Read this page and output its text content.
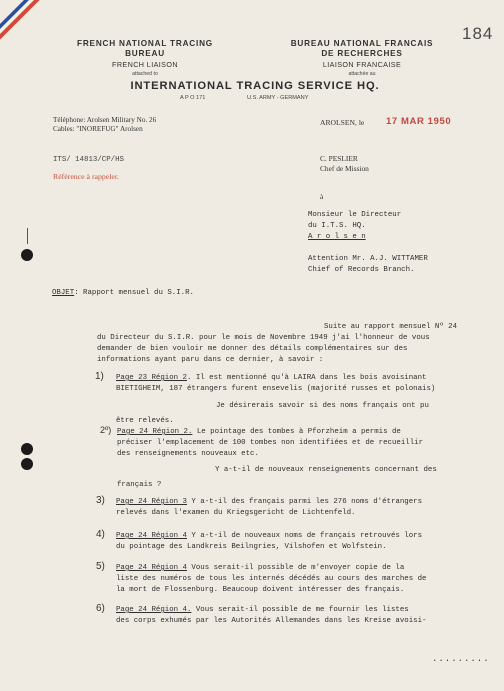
184

FRENCH NATIONAL TRACING

BUREAU

FRENCH LIAISON

attached to

BUREAU NATIONAL FRANCAIS

DE RECHERCHES

LIAISON FRANCAISE

attachée au

INTERNATIONAL TRACING SERVICE HQ.

A P O 171	U.S. ARMY - GERMANY

Téléphone: Arolsen Military No. 26

Cables: "INOREFUG" Arolsen

AROLSEN, le 17 MAR 1950

ITS/ 14813/CP/HS

Référence à rappeler.

C. PESLIER

Chef de Mission

à

Monsieur le Directeur

du I.T.S. HQ.

A r o l s e n

Attention Mr. A.J. WITTAMER

Chief of Records Branch.

OBJET: Rapport mensuel du S.I.R.

Suite au rapport mensuel Nº 24

du Directeur du S.I.R. pour le mois de Novembre 1949 j'ai l'honneur de vous

demander de bien vouloir me donner des détails complémentaires sur des

informations ayant paru dans ce dernier, à savoir :

1) Page 23 Région 2. Il est mentionné qu'à LAIRA dans les bois avoisinant

BIETIGHEIM, 187 étrangers furent ensevelis (majorité russes et polonais)

Je désirerais savoir si des noms français ont pu

être relevés.

2º) Page 24 Région 2. Le pointage des tombes à Pforzheim a permis de

préciser l'emplacement de 100 tombes non identifiées et de recueillir

des renseignements nouveaux etc.

Y a-t-il de nouveaux renseignements concernant des

français ?

3) Page 24 Région 3 Y a-t-il des français parmi les 276 noms d'étrangers

relevés dans l'examen du Kriegsgericht de Lichtenfeld.

4) Page 24 Région 4 Y a-t-il de nouveaux noms de français retrouvés lors

du pointage des Landkreis Beilngries, Vilshofen et Wolfstein.

5) Page 24 Région 4 Vous serait-il possible de m'envoyer copie de la

liste des numéros de tous les internés décédés au cours des marches de

la mort de Flossenburg. Beaucoup doivent intéresser des français.

6) Page 24 Région 4. Vous serait-il possible de me fournir les listes

des corps exhumés par les Autorités Allemandes dans les Kreise avoisi-

.........
